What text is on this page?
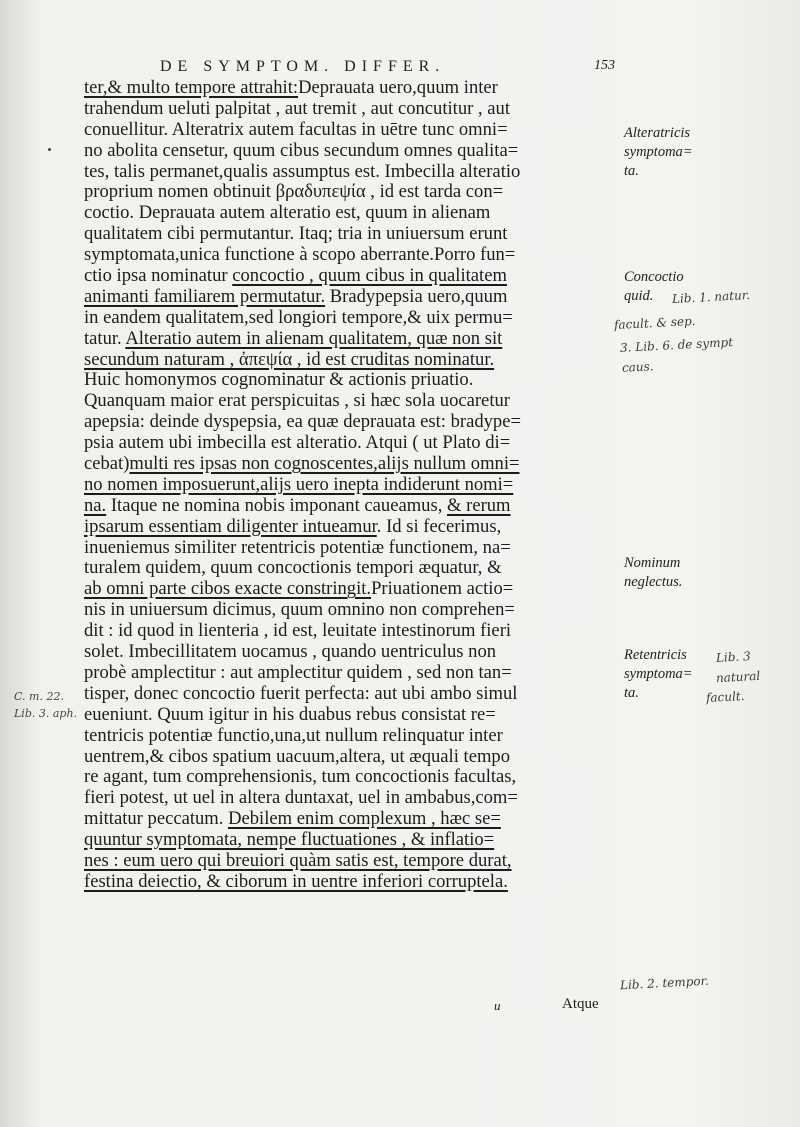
DE SYMPTOM. DIFFER.	153
ter,& multo tempore attrahit:Deprauata uero,quum inter
trahendum ueluti palpitat , aut tremit , aut concutitur , aut
conuellitur. Alteratrix autem facultas in uētre tunc omni=
no abolita censetur, quum cibus secundum omnes qualita=
tes, talis permanet,qualis assumptus est. Imbecilla alteratio
proprium nomen obtinuit βραδυπεψία , id est tarda con=
coctio. Deprauata autem alteratio est, quum in alienam
qualitatem cibi permutantur. Itaq; tria in uniuersum erunt
symptomata,unica functione à scopo aberrante.Porro fun=
ctio ipsa nominatur concoctio , quum cibus in qualitatem
animanti familiarem permutatur. Bradypepsia uero,quum
in eandem qualitatem,sed longiori tempore,& uix permu=
tatur. Alteratio autem in alienam qualitatem, quæ non sit
secundum naturam , ἀπεψία , id est cruditas nominatur.
Huic homonymos cognominatur & actionis priuatio.
Quanquam maior erat perspicuitas , si hæc sola uocaretur
apepsia: deinde dyspepsia, ea quæ deprauata est: bradype=
psia autem ubi imbecilla est alteratio. Atqui ( ut Plato di=
cebat)multi res ipsas non cognoscentes,alijs nullum omni=
no nomen imposuerunt,alijs uero inepta indiderunt nomi=
na. Itaque ne nomina nobis imponant caueamus, & rerum
ipsarum essentiam diligenter intueamur. Id si fecerimus,
inueniemus similiter retentricis potentiæ functionem, na=
turalem quidem, quum concoctionis tempori æquatur, &
ab omni parte cibos exacte constringit.Priuationem actio=
nis in uniuersum dicimus, quum omnino non comprehen=
dit : id quod in lienteria , id est, leuitate intestinorum fieri
solet. Imbecillitatem uocamus , quando uentriculus non
probè amplectitur : aut amplectitur quidem , sed non tan=
tisper, donec concoctio fuerit perfecta: aut ubi ambo simul
eueniunt. Quum igitur in his duabus rebus consistat re=
tentricis potentiæ functio,una,ut nullum relinquatur inter
uentrem,& cibos spatium uacuum,altera, ut æquali tempo
re agant, tum comprehensionis, tum concoctionis facultas,
fieri potest, ut uel in altera duntaxat, uel in ambabus,com=
mittatur peccatum. Debilem enim complexum , hæc se=
quuntur symptomata, nempe fluctuationes , & inflatio=
nes : eum uero qui breuiori quàm satis est, tempore durat,
festina deiectio, & ciborum in uentre inferiori corruptela.
Alteratricis
symptoma=
ta.
Concoctio
quid.
Nominum
neglectus.
Retentricis
symptoma=
ta.
Lib. 1. natur.
facult. & sep.
3. Lib. 6. de sympt
caus.
Lib. 3
natural
facult.
C. m. 22.
Lib. 3. aph.
Lib. 2. tempor.
u	Atque
